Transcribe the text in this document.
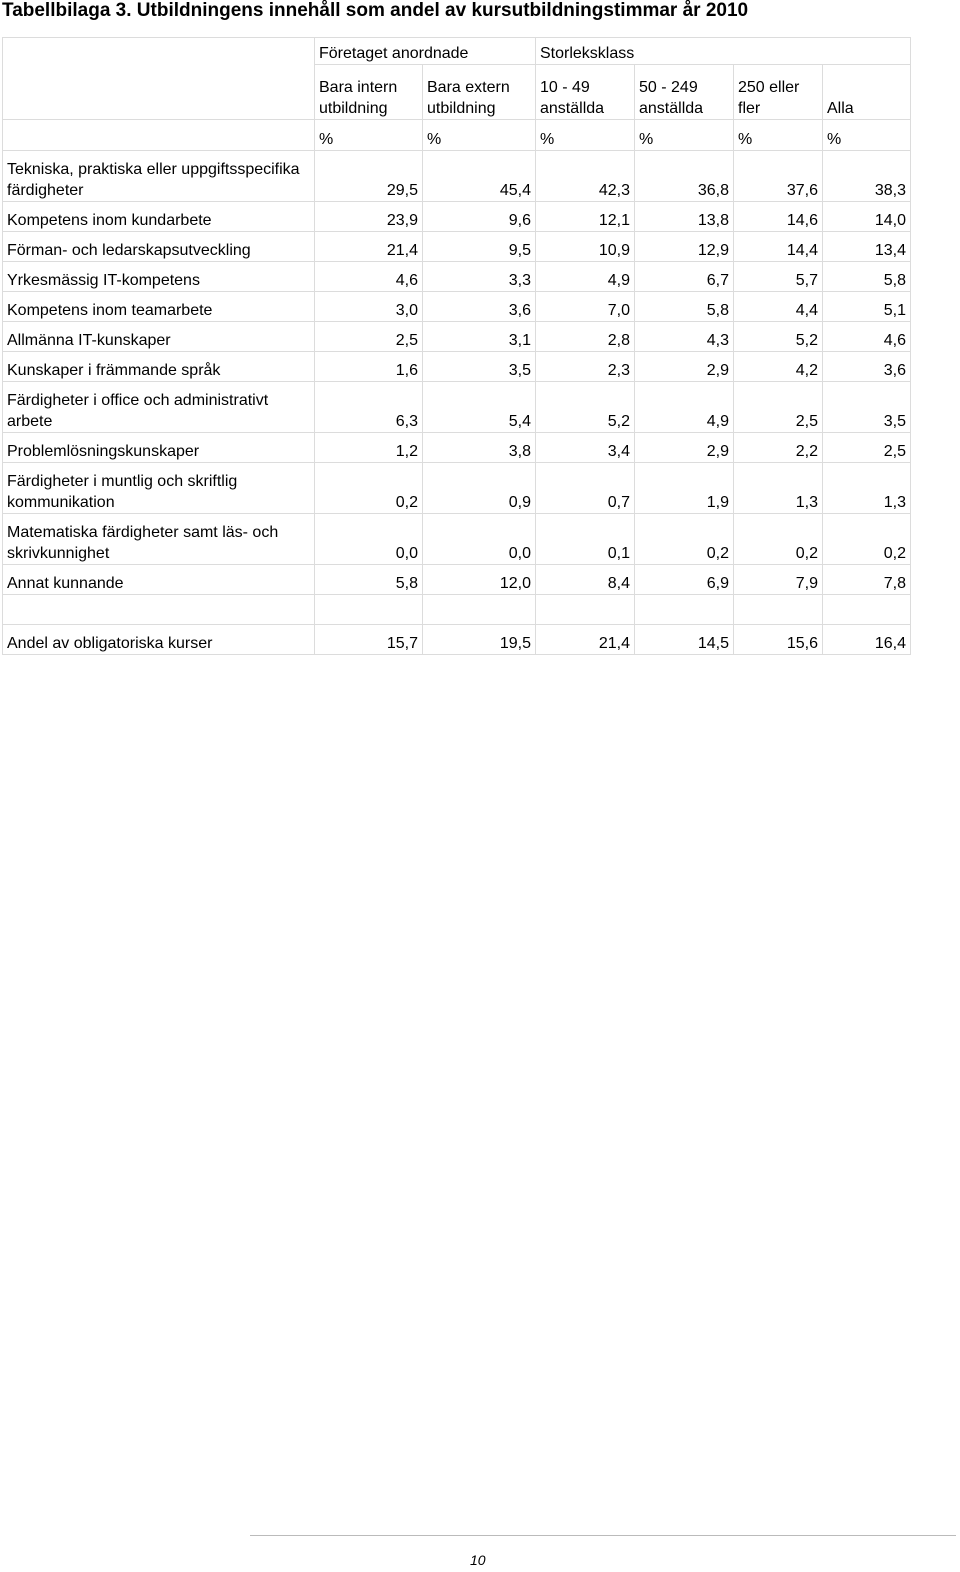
Tabellbilaga 3. Utbildningens innehåll som andel av kursutbildningstimmar år 2010
	Företaget anordnade		Storleksklass			
	Bara intern utbildning	Bara extern utbildning	10 - 49 anställda	50 - 249 anställda	250 eller fler	Alla
	%	%	%	%	%	%
Tekniska, praktiska eller uppgiftsspecifika färdigheter	29,5	45,4	42,3	36,8	37,6	38,3
Kompetens inom kundarbete	23,9	9,6	12,1	13,8	14,6	14,0
Förman- och ledarskapsutveckling	21,4	9,5	10,9	12,9	14,4	13,4
Yrkesmässig IT-kompetens	4,6	3,3	4,9	6,7	5,7	5,8
Kompetens inom teamarbete	3,0	3,6	7,0	5,8	4,4	5,1
Allmänna IT-kunskaper	2,5	3,1	2,8	4,3	5,2	4,6
Kunskaper i främmande språk	1,6	3,5	2,3	2,9	4,2	3,6
Färdigheter i office och administrativt arbete	6,3	5,4	5,2	4,9	2,5	3,5
Problemlösningskunskaper	1,2	3,8	3,4	2,9	2,2	2,5
Färdigheter i muntlig och skriftlig kommunikation	0,2	0,9	0,7	1,9	1,3	1,3
Matematiska färdigheter samt läs- och skrivkunnighet	0,0	0,0	0,1	0,2	0,2	0,2
Annat kunnande	5,8	12,0	8,4	6,9	7,9	7,8

Andel av obligatoriska kurser	15,7	19,5	21,4	14,5	15,6	16,4
10
